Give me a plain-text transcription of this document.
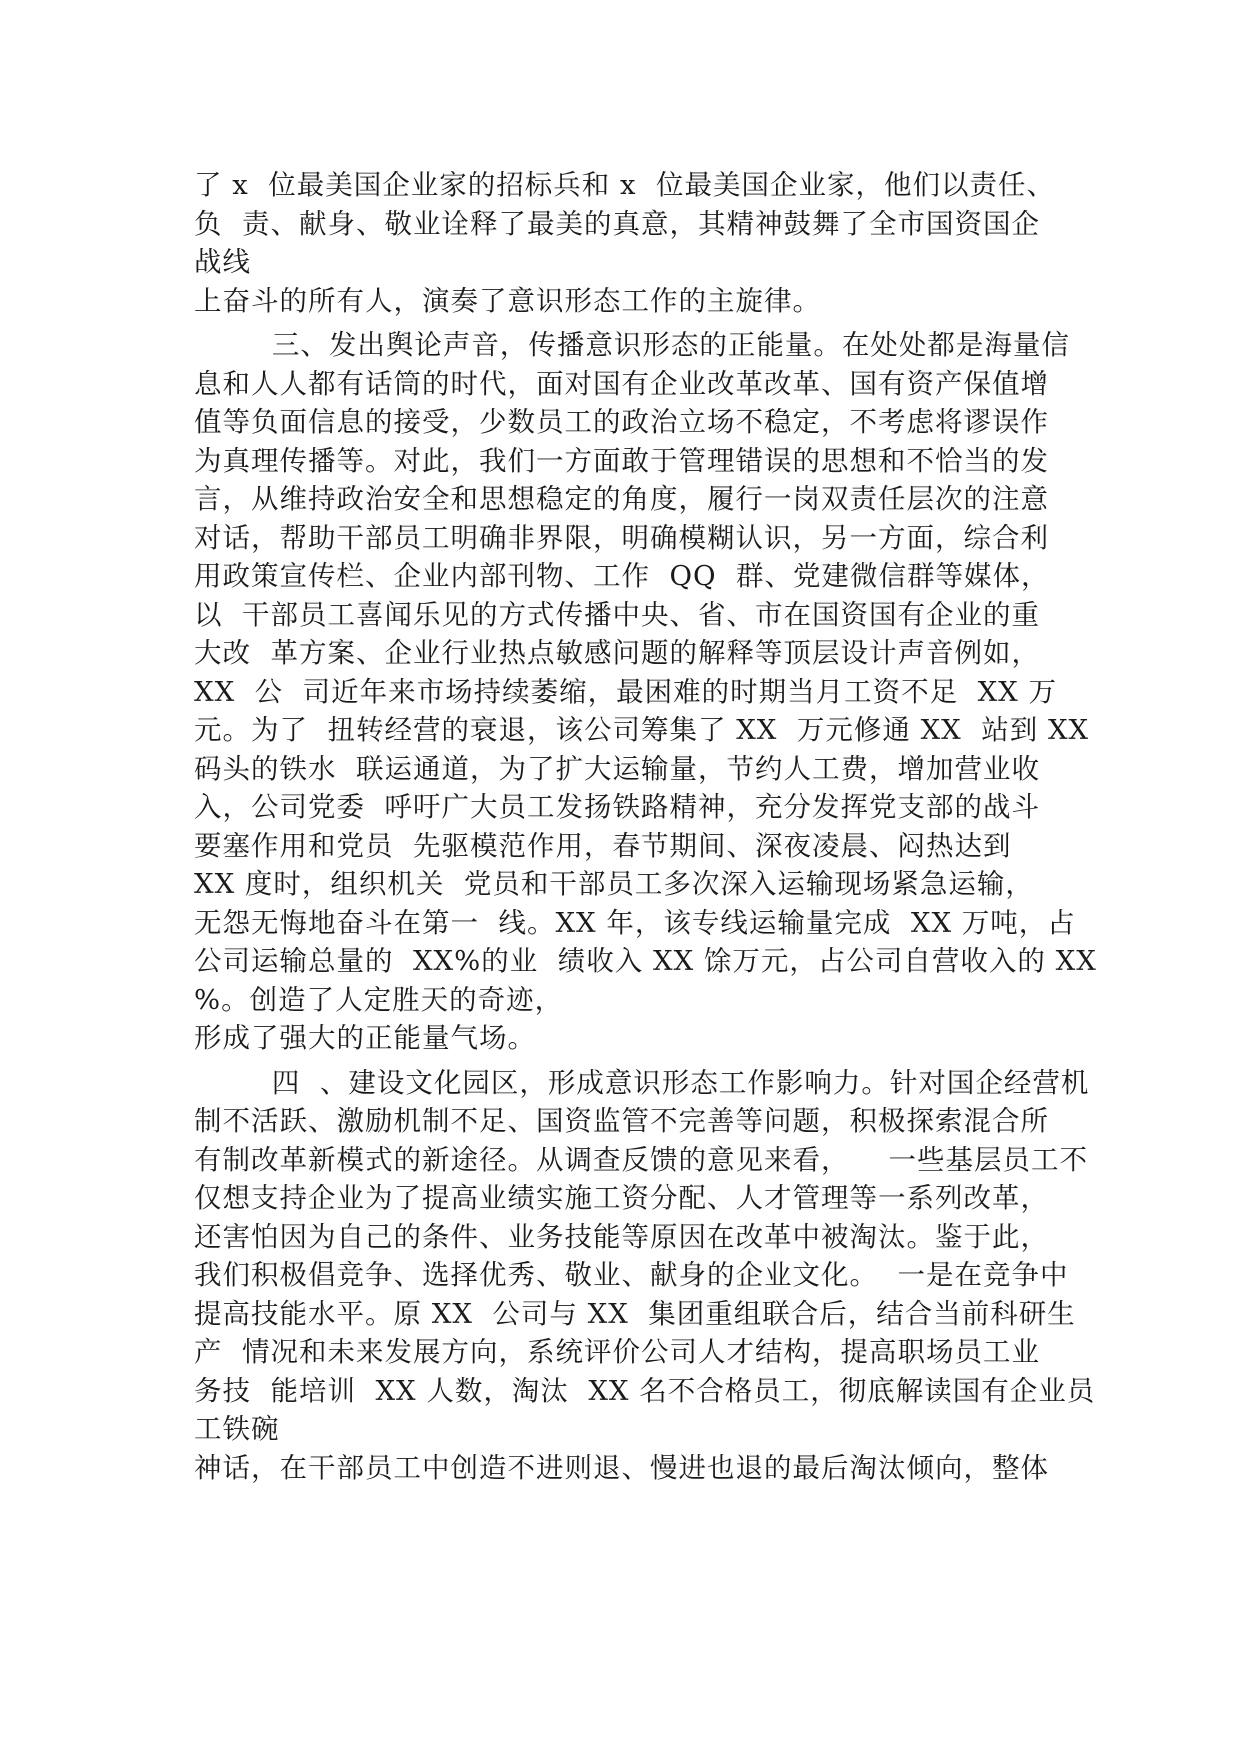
了 x  位最美国企业家的招标兵和 x  位最美国企业家，他们以责任、
负  责、献身、敬业诠释了最美的真意，其精神鼓舞了全市国资国企
战线
上奋斗的所有人，演奏了意识形态工作的主旋律。
三、发出舆论声音，传播意识形态的正能量。在处处都是海量信
息和人人都有话筒的时代，面对国有企业改革改革、国有资产保值增
值等负面信息的接受，少数员工的政治立场不稳定，不考虑将谬误作
为真理传播等。对此，我们一方面敢于管理错误的思想和不恰当的发
言，从维持政治安全和思想稳定的角度，履行一岗双责任层次的注意
对话，帮助干部员工明确非界限，明确模糊认识，另一方面，综合利
用政策宣传栏、企业内部刊物、工作  QQ  群、党建微信群等媒体，
以  干部员工喜闻乐见的方式传播中央、省、市在国资国有企业的重
大改  革方案、企业行业热点敏感问题的解释等顶层设计声音例如，
XX  公  司近年来市场持续萎缩，最困难的时期当月工资不足  XX 万
元。为了  扭转经营的衰退，该公司筹集了 XX  万元修通 XX  站到 XX
码头的铁水  联运通道，为了扩大运输量，节约人工费，增加营业收
入，公司党委  呼吁广大员工发扬铁路精神，充分发挥党支部的战斗
要塞作用和党员  先驱模范作用，春节期间、深夜凌晨、闷热达到
XX 度时，组织机关  党员和干部员工多次深入运输现场紧急运输，
无怨无悔地奋斗在第一  线。XX 年，该专线运输量完成  XX 万吨，占
公司运输总量的  XX%的业  绩收入 XX 馀万元，占公司自营收入的 XX
%。创造了人定胜天的奇迹，
形成了强大的正能量气场。
四  、建设文化园区，形成意识形态工作影响力。针对国企经营机
制不活跃、激励机制不足、国资监管不完善等问题，积极探索混合所
有制改革新模式的新途径。从调查反馈的意见来看，    一些基层员工不
仅想支持企业为了提高业绩实施工资分配、人才管理等一系列改革，
还害怕因为自己的条件、业务技能等原因在改革中被淘汰。鉴于此，
我们积极倡竞争、选择优秀、敬业、献身的企业文化。  一是在竞争中
提高技能水平。原 XX  公司与 XX  集团重组联合后，结合当前科研生
产  情况和未来发展方向，系统评价公司人才结构，提高职场员工业
务技  能培训  XX 人数，淘汰  XX 名不合格员工，彻底解读国有企业员
工铁碗
神话，在干部员工中创造不进则退、慢进也退的最后淘汰倾向，整体
